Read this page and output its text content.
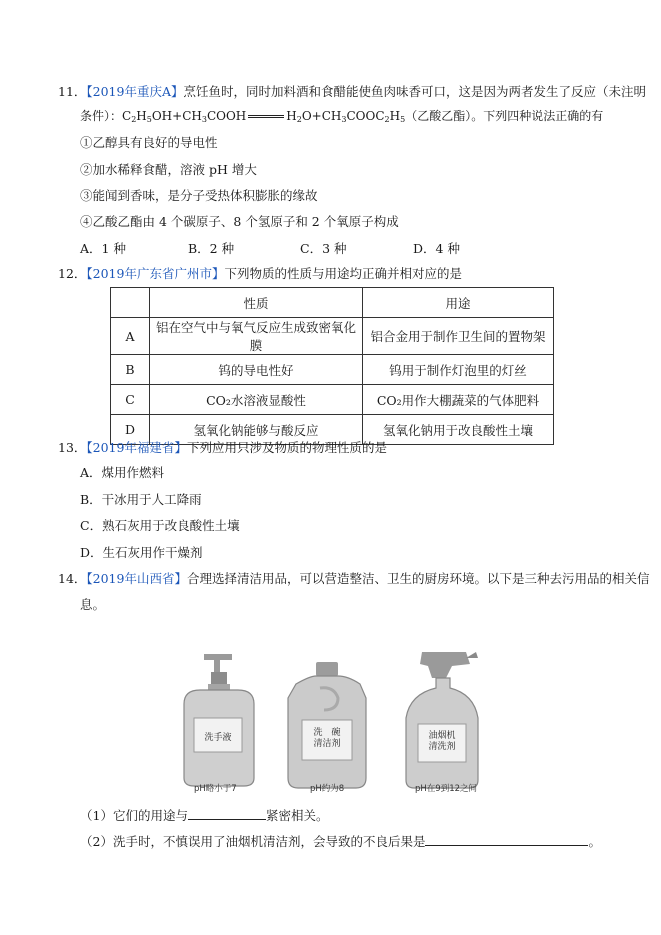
11．【2019年重庆A】烹饪鱼时，同时加料酒和食醋能使鱼肉味香可口，这是因为两者发生了反应（未注明
条件）：$C_2H_5OH+CH_3COOH$	$H_2O+CH_3COOC_2H_5$（乙酸乙酯）。下列四种说法正确的有
①乙醇具有良好的导电性
②加水稀释食醋，溶液 pH 增大
③能闻到香味，是分子受热体积膨胀的缘故
④乙酸乙酯由 4 个碳原子、8 个氢原子和 2 个氧原子构成
A．1 种	B．2 种	C．3 种	D．4 种
12．【2019年广东省广州市】下列物质的性质与用途均正确并相对应的是
	性质	用途
A	铝在空气中与氧气反应生成致密氧化膜	铝合金用于制作卫生间的置物架
B	钨的导电性好	钨用于制作灯泡里的灯丝
C	CO₂水溶液显酸性	CO₂用作大棚蔬菜的气体肥料
D	氢氧化钠能够与酸反应	氢氧化钠用于改良酸性土壤
13．【2019年福建省】下列应用只涉及物质的物理性质的是
A．煤用作燃料
B．干冰用于人工降雨
C．熟石灰用于改良酸性土壤
D．生石灰用作干燥剂
14．【2019年山西省】合理选择清洁用品，可以营造整洁、卫生的厨房环境。以下是三种去污用品的相关信
息。
洗手液	洗　碗
清洁剂
油烟机
清洗剂
pH略小于7	pH约为8	pH在9到12之间
（1）它们的用途与	紧密相关。
（2）洗手时，不慎误用了油烟机清洁剂，会导致的不良后果是	。
